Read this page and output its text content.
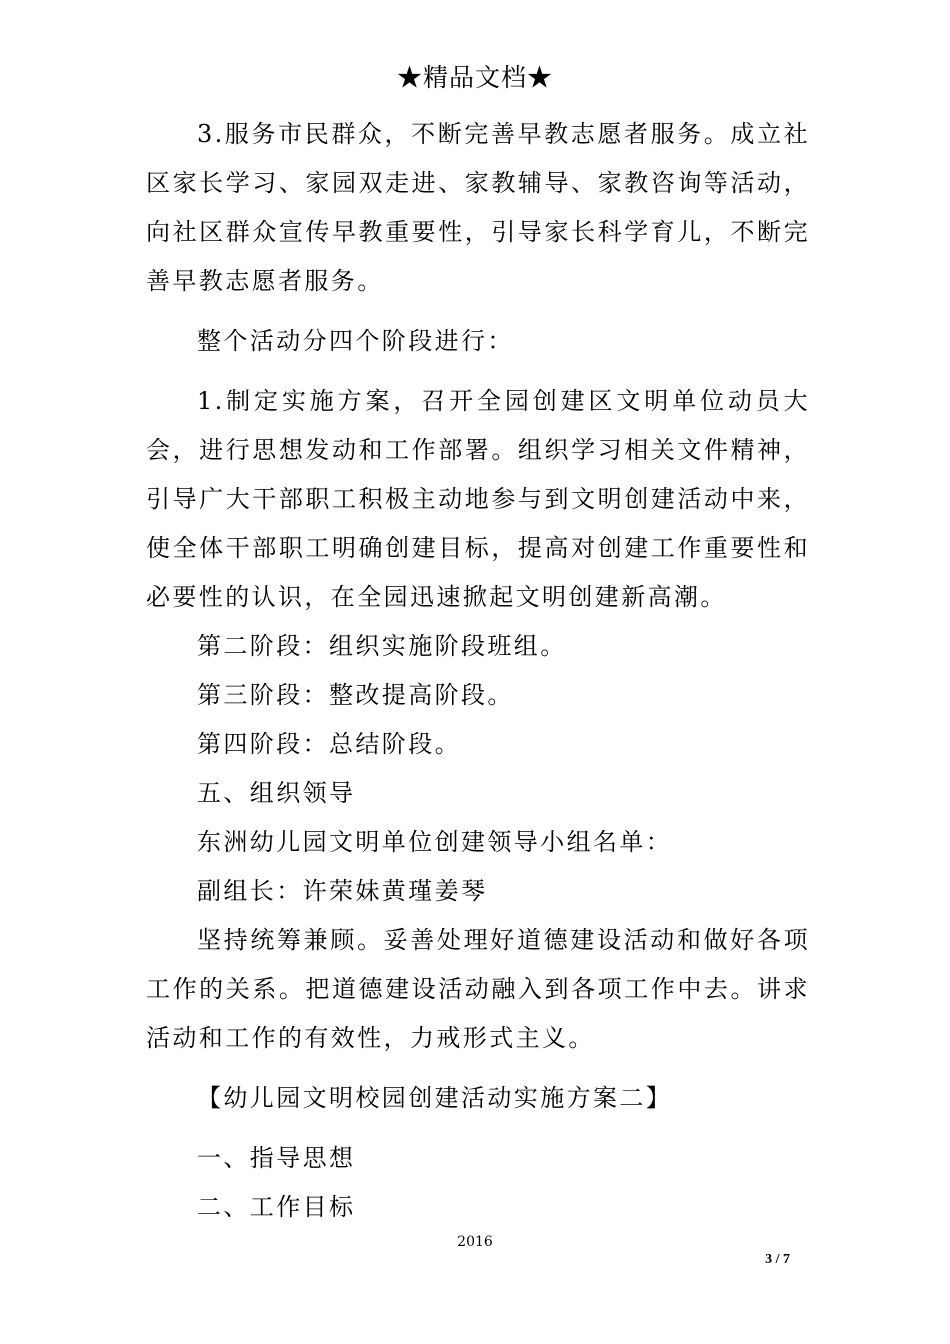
★精品文档★

3.服务市民群众，不断完善早教志愿者服务。成立社区家长学习、家园双走进、家教辅导、家教咨询等活动，向社区群众宣传早教重要性，引导家长科学育儿，不断完善早教志愿者服务。

整个活动分四个阶段进行：

1.制定实施方案，召开全园创建区文明单位动员大会，进行思想发动和工作部署。组织学习相关文件精神，引导广大干部职工积极主动地参与到文明创建活动中来，使全体干部职工明确创建目标，提高对创建工作重要性和必要性的认识，在全园迅速掀起文明创建新高潮。

第二阶段：组织实施阶段班组。

第三阶段：整改提高阶段。

第四阶段：总结阶段。

五、组织领导

东洲幼儿园文明单位创建领导小组名单：

副组长：许荣妹黄瑾姜琴

坚持统筹兼顾。妥善处理好道德建设活动和做好各项工作的关系。把道德建设活动融入到各项工作中去。讲求活动和工作的有效性，力戒形式主义。

【幼儿园文明校园创建活动实施方案二】

一、指导思想

二、工作目标

2016
3 / 7
